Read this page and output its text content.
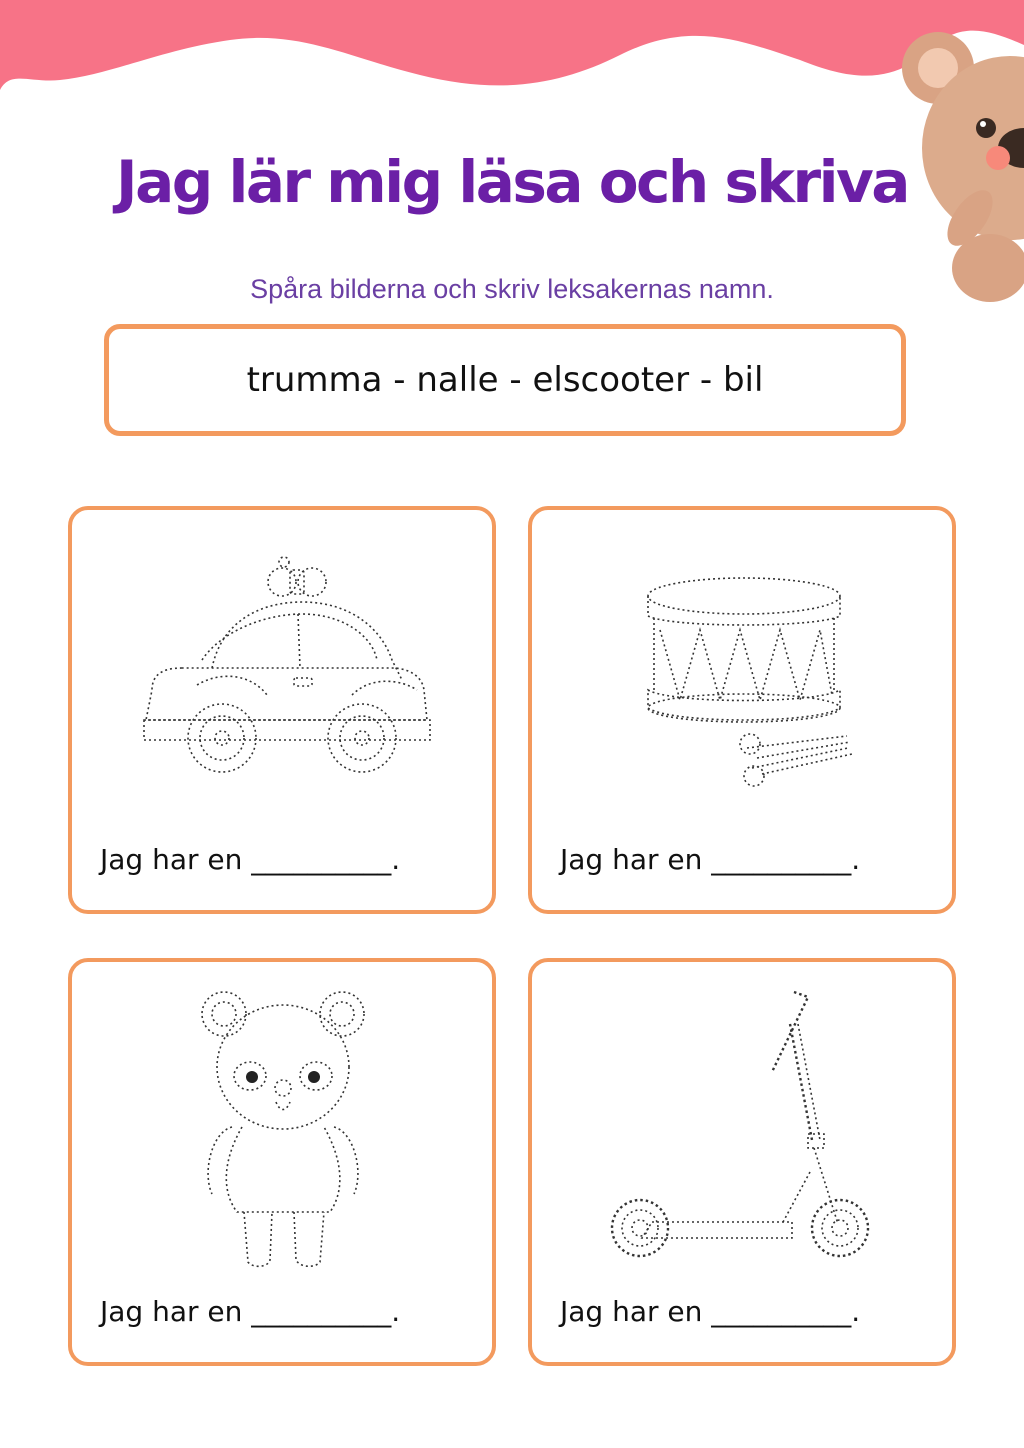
Jag lär mig läsa och skriva
Spåra bilderna och skriv leksakernas namn.
trumma - nalle - elscooter - bil
Jag har en __________.	Jag har en __________.
Jag har en __________.	Jag har en __________.
